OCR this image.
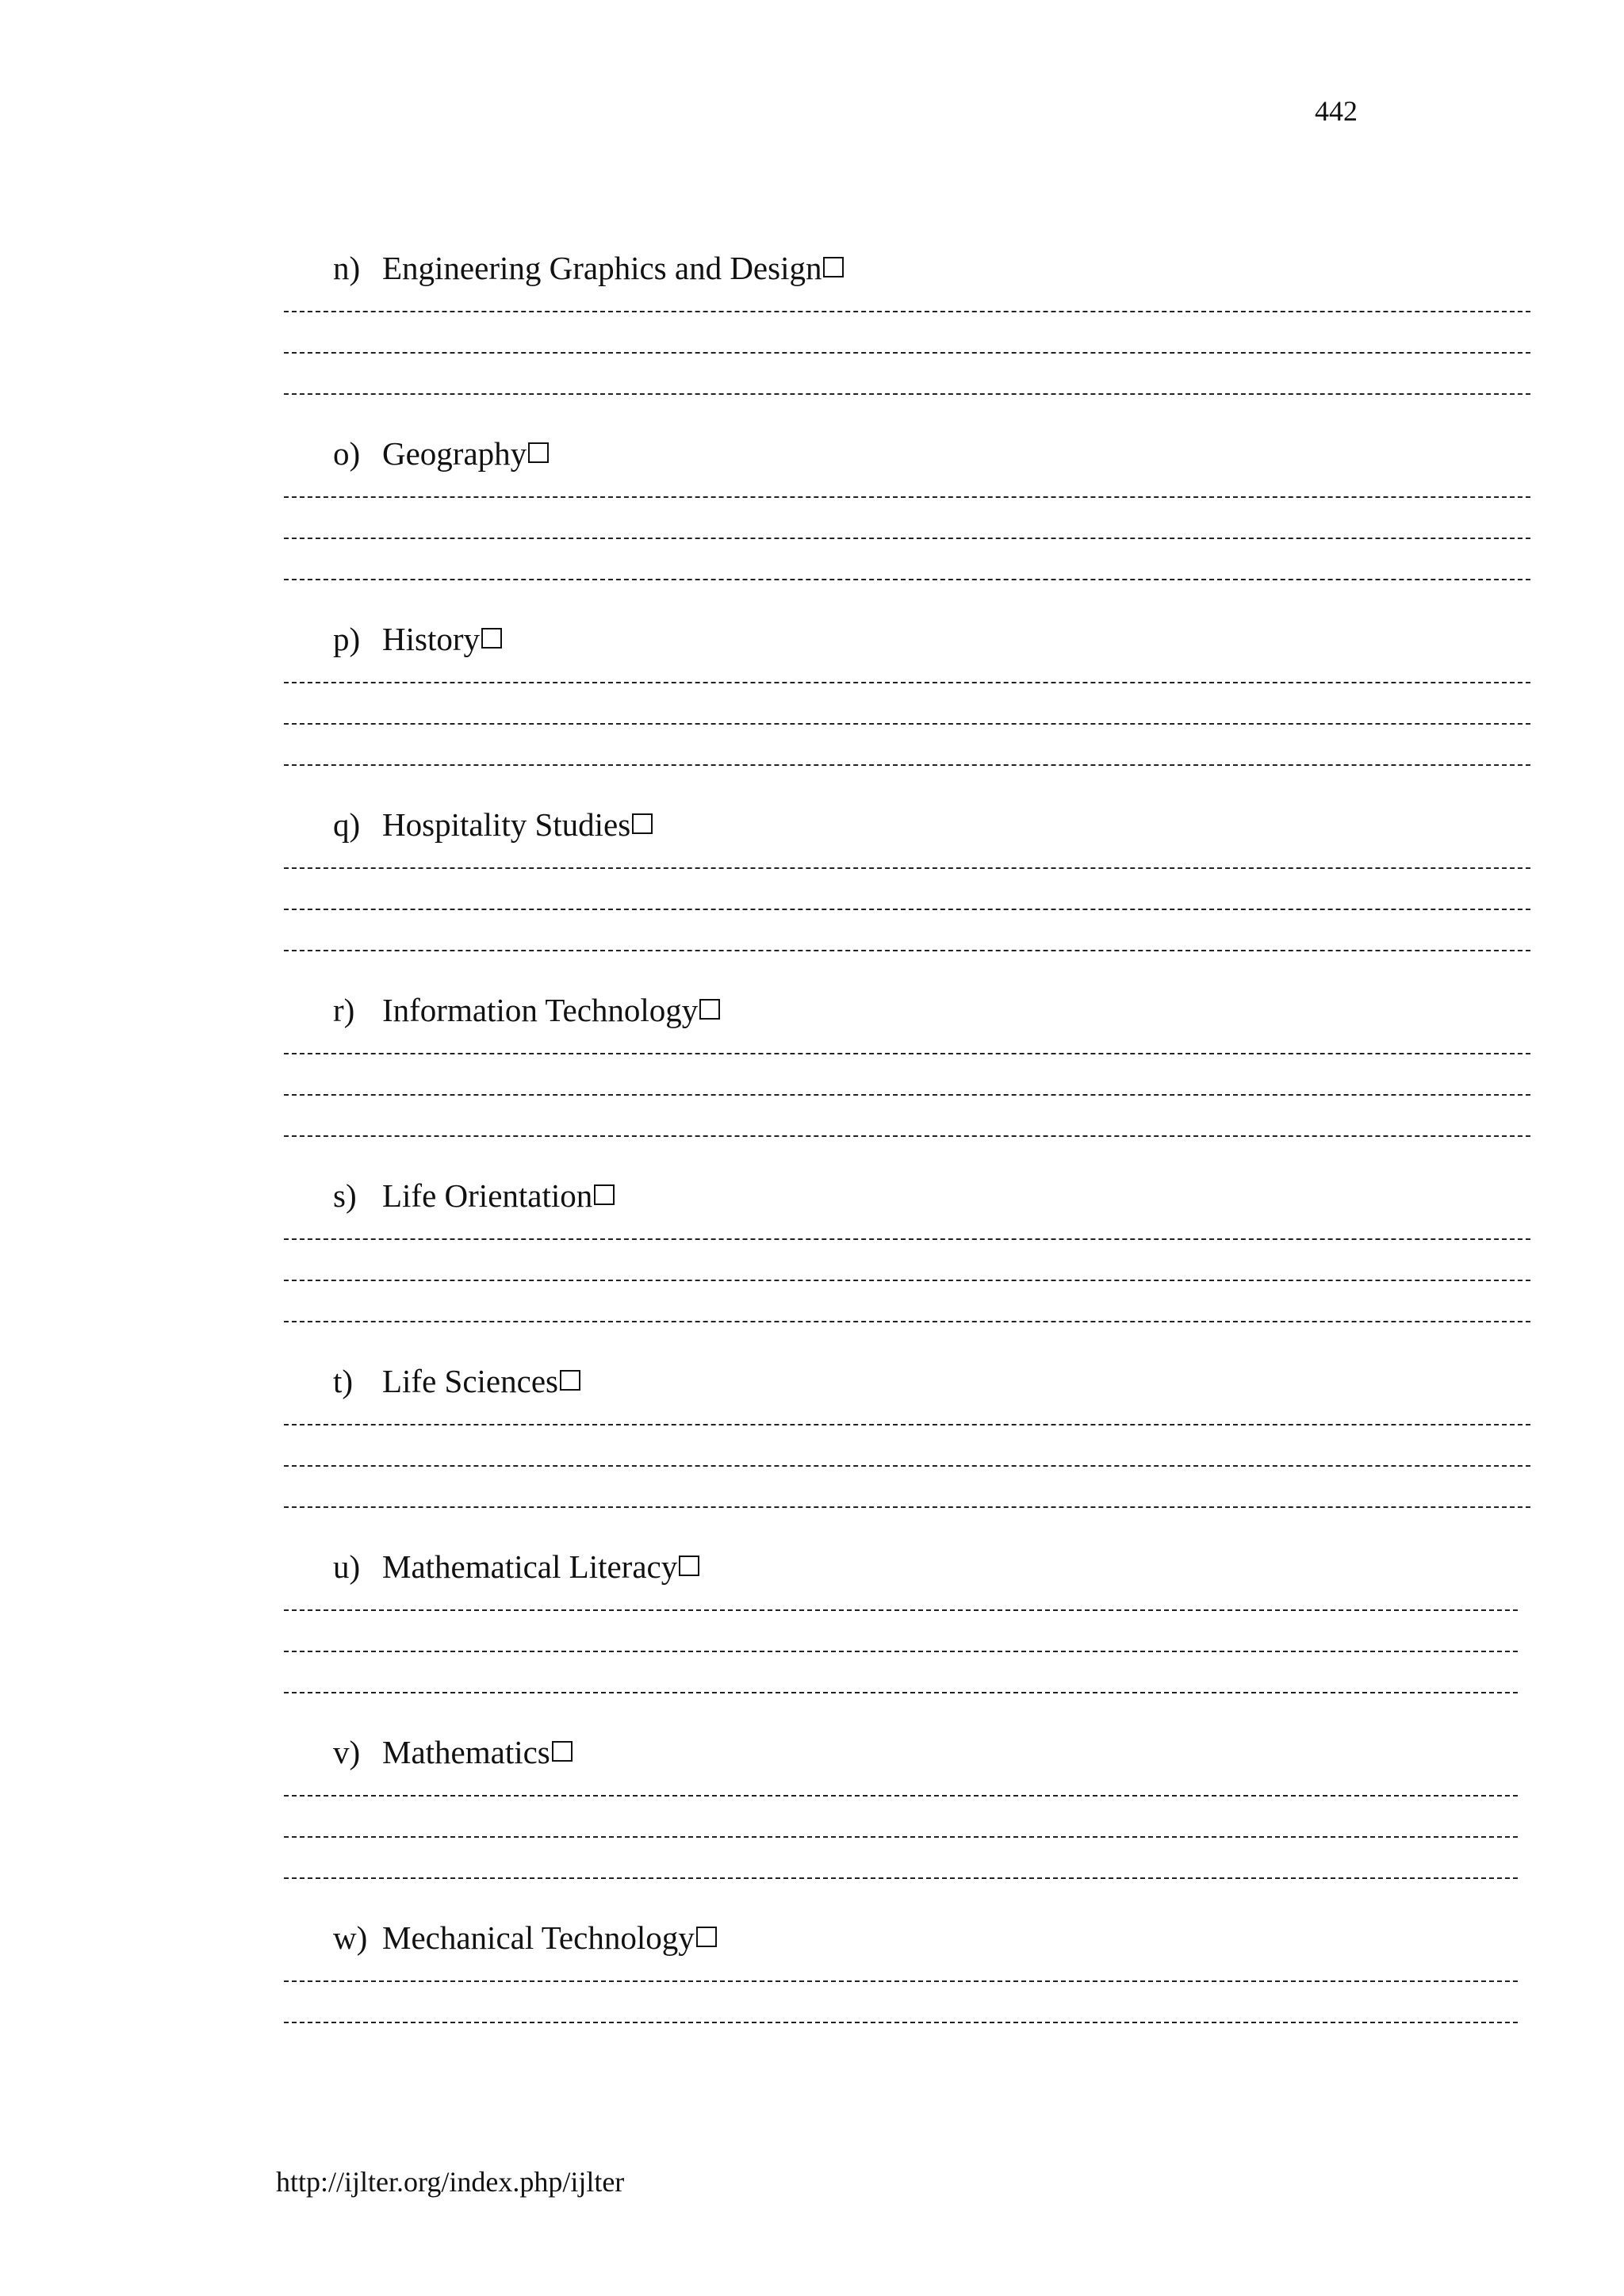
442
n) Engineering Graphics and Design
o) Geography
p) History
q) Hospitality Studies
r) Information Technology
s) Life Orientation
t) Life Sciences
u) Mathematical Literacy
v) Mathematics
w) Mechanical Technology
http://ijlter.org/index.php/ijlter
